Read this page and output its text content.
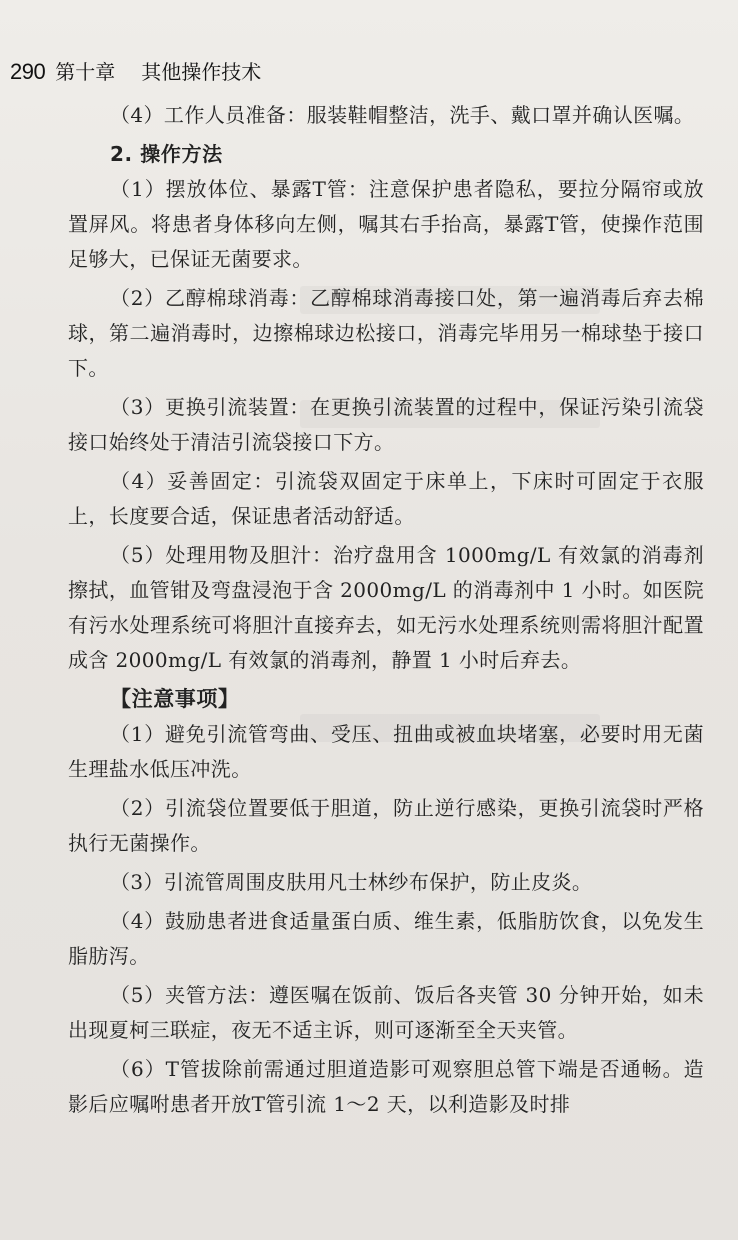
290 第十章 其他操作技术

（4）工作人员准备：服装鞋帽整洁，洗手、戴口罩并确认医嘱。

2. 操作方法

（1）摆放体位、暴露T管：注意保护患者隐私，要拉分隔帘或放置屏风。将患者身体移向左侧，嘱其右手抬高，暴露T管，使操作范围足够大，已保证无菌要求。

（2）乙醇棉球消毒：乙醇棉球消毒接口处，第一遍消毒后弃去棉球，第二遍消毒时，边擦棉球边松接口，消毒完毕用另一棉球垫于接口下。

（3）更换引流装置：在更换引流装置的过程中，保证污染引流袋接口始终处于清洁引流袋接口下方。

（4）妥善固定：引流袋双固定于床单上，下床时可固定于衣服上，长度要合适，保证患者活动舒适。

（5）处理用物及胆汁：治疗盘用含 1000mg/L 有效氯的消毒剂擦拭，血管钳及弯盘浸泡于含 2000mg/L 的消毒剂中 1 小时。如医院有污水处理系统可将胆汁直接弃去，如无污水处理系统则需将胆汁配置成含 2000mg/L 有效氯的消毒剂，静置 1 小时后弃去。

【注意事项】

（1）避免引流管弯曲、受压、扭曲或被血块堵塞，必要时用无菌生理盐水低压冲洗。

（2）引流袋位置要低于胆道，防止逆行感染，更换引流袋时严格执行无菌操作。

（3）引流管周围皮肤用凡士林纱布保护，防止皮炎。

（4）鼓励患者进食适量蛋白质、维生素，低脂肪饮食，以免发生脂肪泻。

（5）夹管方法：遵医嘱在饭前、饭后各夹管 30 分钟开始，如未出现夏柯三联症，夜无不适主诉，则可逐渐至全天夹管。

（6）T管拔除前需通过胆道造影可观察胆总管下端是否通畅。造影后应嘱咐患者开放T管引流 1～2 天，以利造影及时排
